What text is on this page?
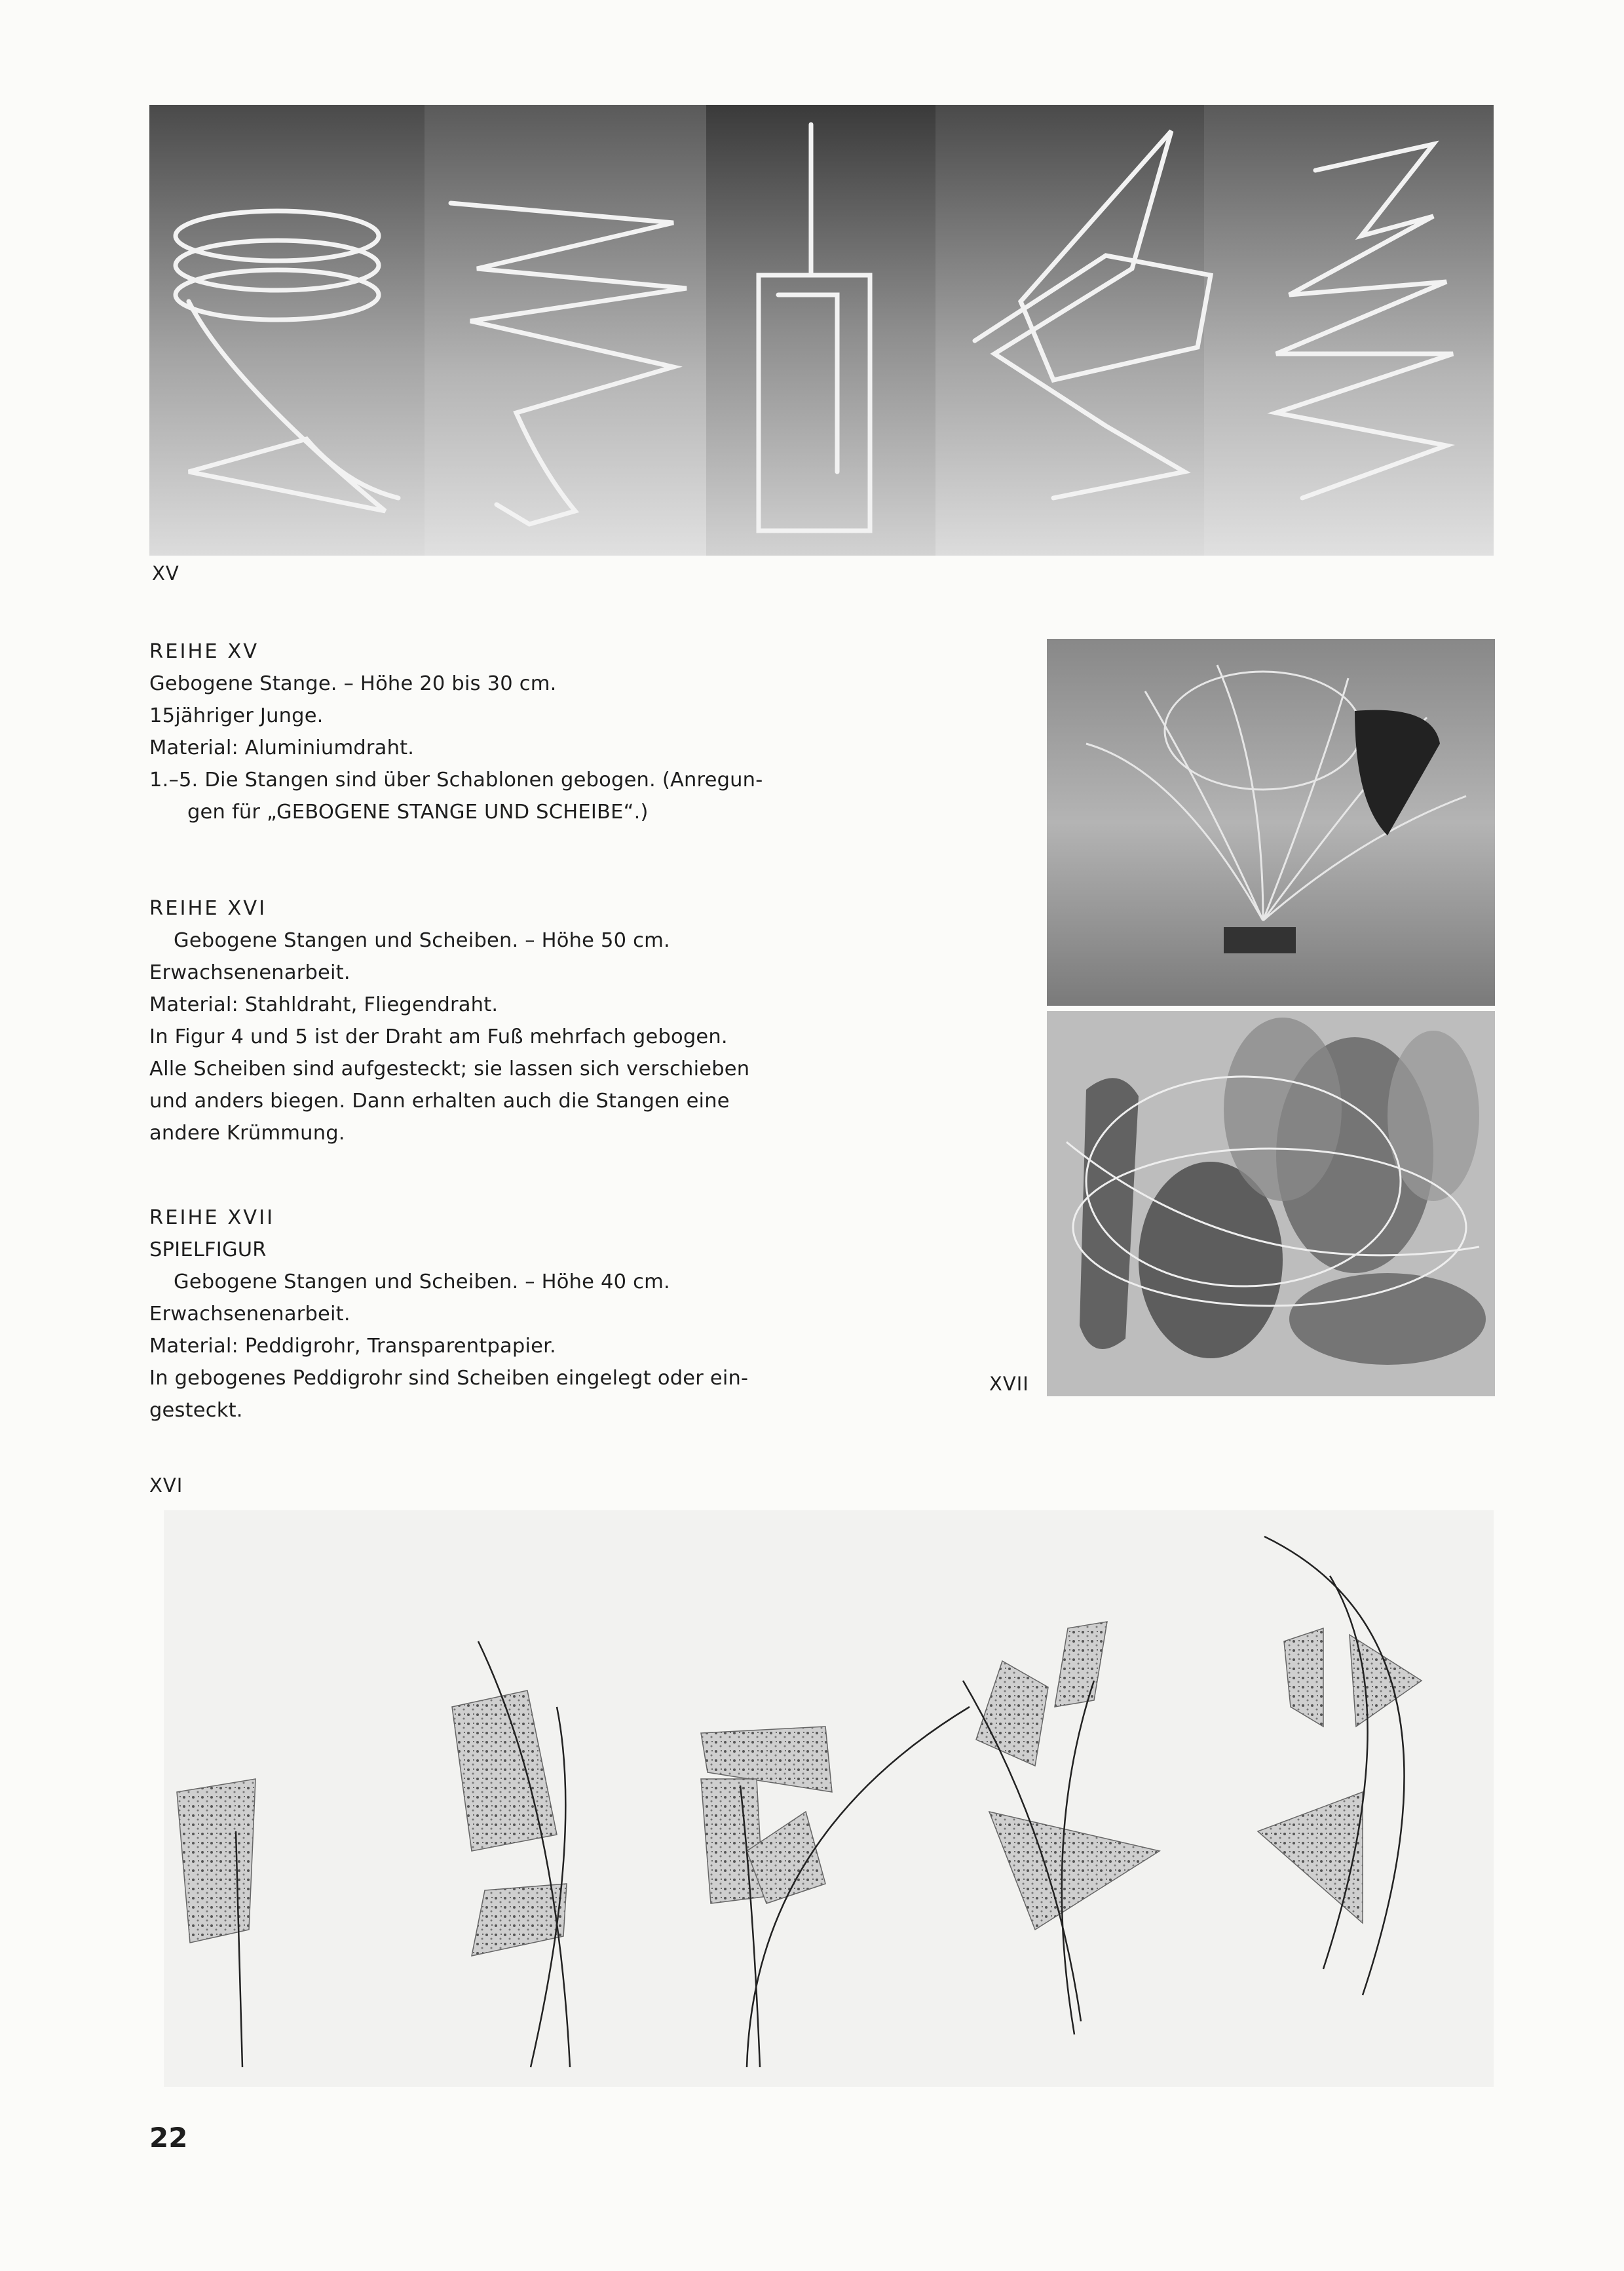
XV

XVII

REIHE XV

Gebogene Stange. – Höhe 20 bis 30 cm.

15jähriger Junge.

Material: Aluminiumdraht.

1.–5. Die Stangen sind über Schablonen gebogen. (Anregun-

gen für „GEBOGENE STANGE UND SCHEIBE“.)

REIHE XVI

Gebogene Stangen und Scheiben. – Höhe 50 cm.

Erwachsenenarbeit.

Material: Stahldraht, Fliegendraht.

In Figur 4 und 5 ist der Draht am Fuß mehrfach gebogen.

Alle Scheiben sind aufgesteckt; sie lassen sich verschieben

und anders biegen. Dann erhalten auch die Stangen eine

andere Krümmung.

REIHE XVII

SPIELFIGUR

Gebogene Stangen und Scheiben. – Höhe 40 cm.

Erwachsenenarbeit.

Material: Peddigrohr, Transparentpapier.

In gebogenes Peddigrohr sind Scheiben eingelegt oder ein-

gesteckt.

XVI

22
